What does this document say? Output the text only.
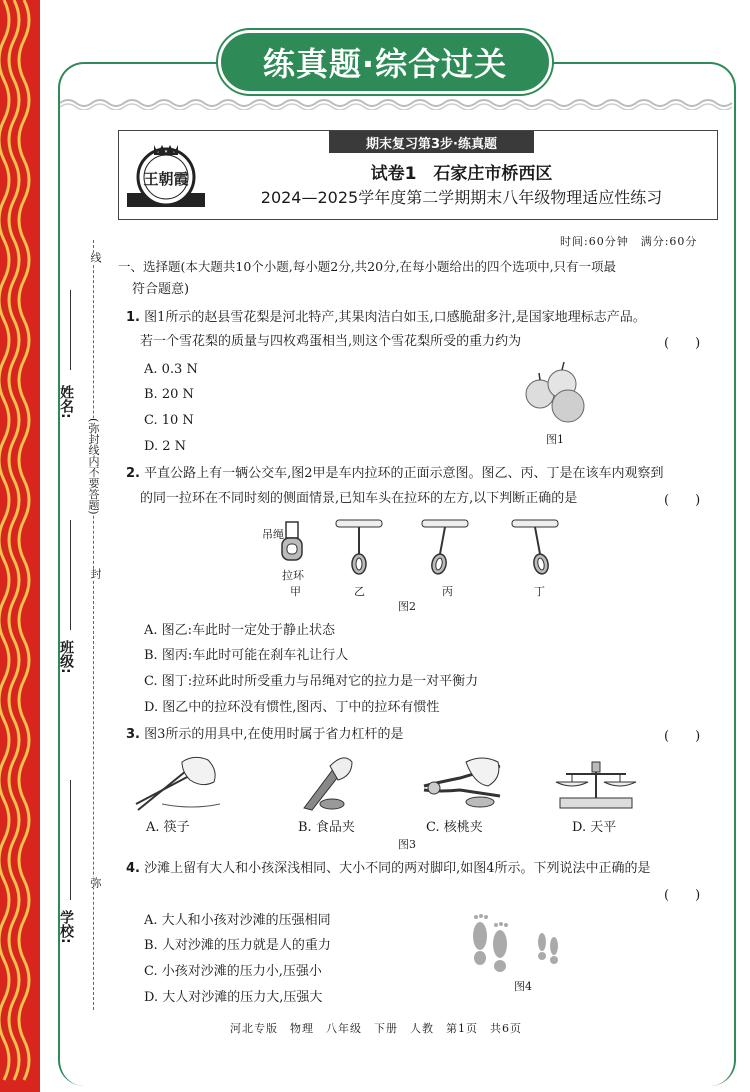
练真题·综合过关
期末复习第3步·练真题
王朝霞	试卷1　石家庄市桥西区
2024—2025学年度第二学期期末八年级物理适应性练习
时间:60分钟　满分:60分
线
姓名:
(弥封线内不要答题)
封
班级:
弥
学校:
一、选择题(本大题共10个小题,每小题2分,共20分,在每小题给出的四个选项中,只有一项最
符合题意)
1. 图1所示的赵县雪花梨是河北特产,其果肉洁白如玉,口感脆甜多汁,是国家地理标志产品。
若一个雪花梨的质量与四枚鸡蛋相当,则这个雪花梨所受的重力约为	(　　)
A. 0.3 N
B. 20 N
C. 10 N
D. 2 N	图1
2. 平直公路上有一辆公交车,图2甲是车内拉环的正面示意图。图乙、丙、丁是在该车内观察到
的同一拉环在不同时刻的侧面情景,已知车头在拉环的左方,以下判断正确的是	(　　)
吊绳
拉环
甲	乙	丙	丁
图2
A. 图乙:车此时一定处于静止状态
B. 图丙:车此时可能在刹车礼让行人
C. 图丁:拉环此时所受重力与吊绳对它的拉力是一对平衡力
D. 图乙中的拉环没有惯性,图丙、丁中的拉环有惯性
3. 图3所示的用具中,在使用时属于省力杠杆的是	(　　)
A. 筷子	B. 食品夹	C. 核桃夹	D. 天平
图3
4. 沙滩上留有大人和小孩深浅相同、大小不同的两对脚印,如图4所示。下列说法中正确的是
(　　)
A. 大人和小孩对沙滩的压强相同
B. 人对沙滩的压力就是人的重力
C. 小孩对沙滩的压力小,压强小
D. 大人对沙滩的压力大,压强大
图4
河北专版　物理　八年级　下册　人教　第1页　共6页
